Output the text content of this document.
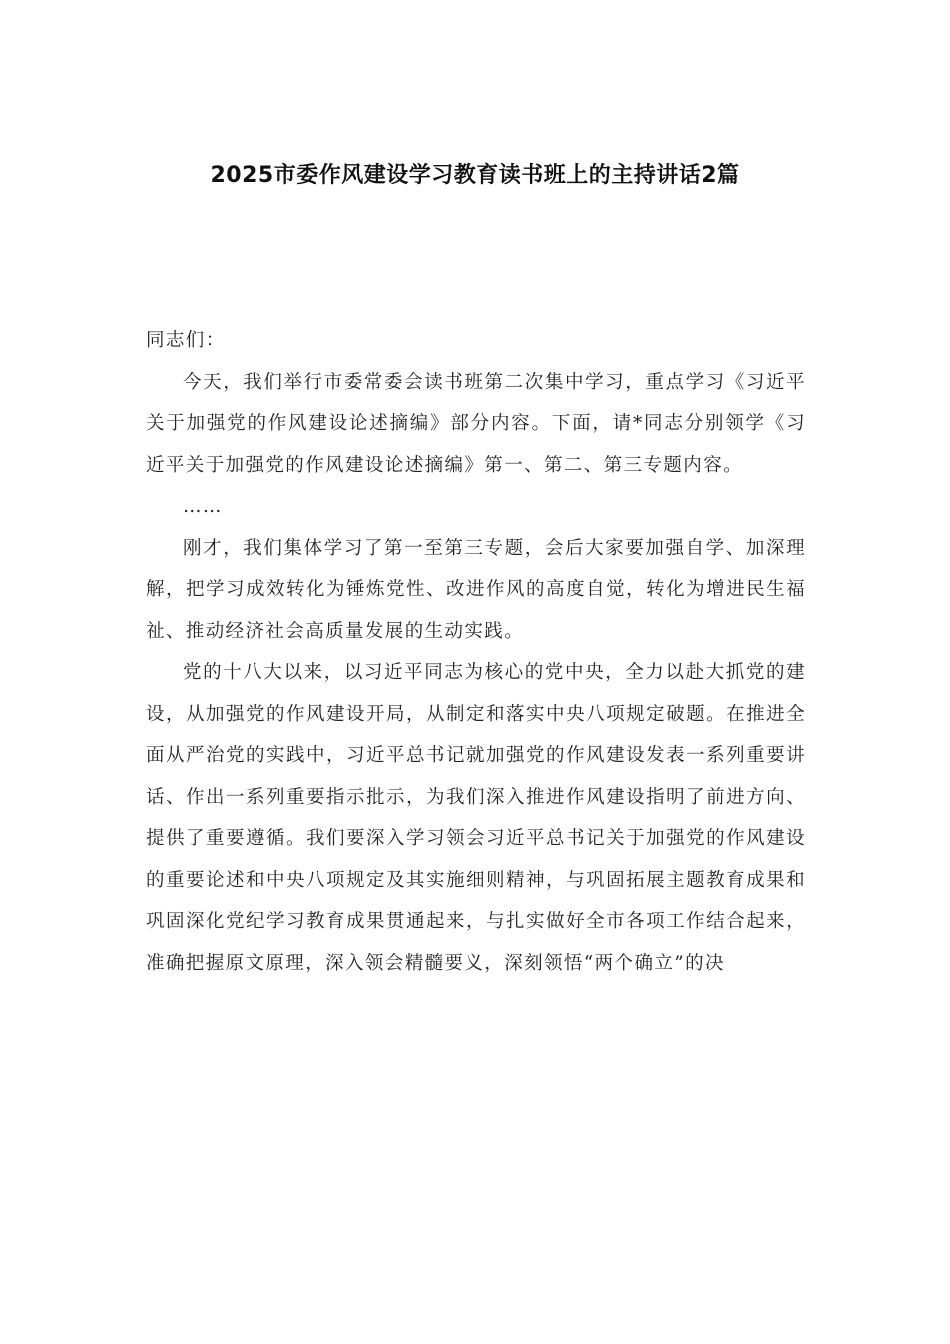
2025市委作风建设学习教育读书班上的主持讲话2篇

同志们：

今天，我们举行市委常委会读书班第二次集中学习，重点学习《习近平关于加强党的作风建设论述摘编》部分内容。下面，请*同志分别领学《习近平关于加强党的作风建设论述摘编》第一、第二、第三专题内容。

……

刚才，我们集体学习了第一至第三专题，会后大家要加强自学、加深理解，把学习成效转化为锤炼党性、改进作风的高度自觉，转化为增进民生福祉、推动经济社会高质量发展的生动实践。

党的十八大以来，以习近平同志为核心的党中央，全力以赴大抓党的建设，从加强党的作风建设开局，从制定和落实中央八项规定破题。在推进全面从严治党的实践中，习近平总书记就加强党的作风建设发表一系列重要讲话、作出一系列重要指示批示，为我们深入推进作风建设指明了前进方向、提供了重要遵循。我们要深入学习领会习近平总书记关于加强党的作风建设的重要论述和中央八项规定及其实施细则精神，与巩固拓展主题教育成果和巩固深化党纪学习教育成果贯通起来，与扎实做好全市各项工作结合起来，准确把握原文原理，深入领会精髓要义，深刻领悟“两个确立”的决
